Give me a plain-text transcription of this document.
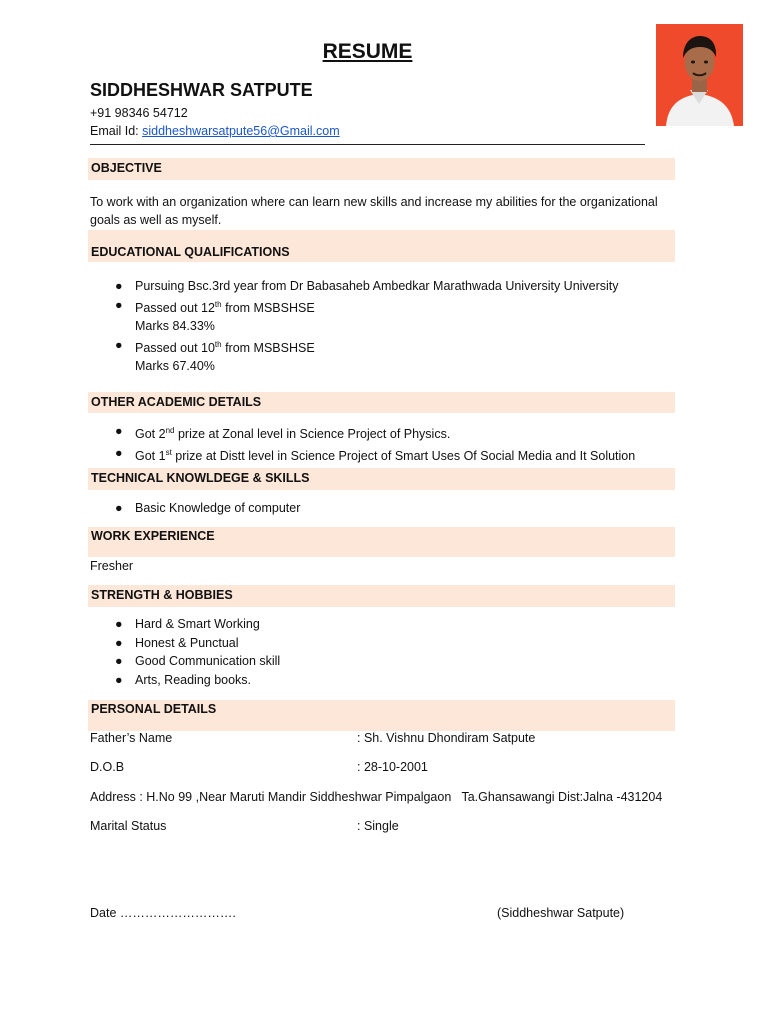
RESUME
SIDDHESHWAR SATPUTE
+91 98346 54712
Email Id: siddheshwarsatpute56@Gmail.com
OBJECTIVE
To work with an organization where can learn new skills and increase my abilities for the organizational
goals as well as myself.
EDUCATIONAL QUALIFICATIONS
● Pursuing Bsc.3rd year from Dr Babasaheb Ambedkar Marathwada University University
● Passed out 12th from MSBSHSE
Marks 84.33%
● Passed out 10th from MSBSHSE
Marks 67.40%
OTHER ACADEMIC DETAILS
● Got 2nd prize at Zonal level in Science Project of Physics.
● Got 1st prize at Distt level in Science Project of Smart Uses Of Social Media and It Solution
TECHNICAL KNOWLDEGE & SKILLS
● Basic Knowledge of computer
WORK EXPERIENCE
Fresher
STRENGTH & HOBBIES
● Hard & Smart Working
● Honest & Punctual
● Good Communication skill
● Arts, Reading books.
PERSONAL DETAILS
Father’s Name	: Sh. Vishnu Dhondiram Satpute
D.O.B	: 28-10-2001
Address : H.No 99 ,Near Maruti Mandir Siddheshwar Pimpalgaon   Ta.Ghansawangi Dist:Jalna -431204
Marital Status	: Single
Date ……………………….	(Siddheshwar Satpute)
